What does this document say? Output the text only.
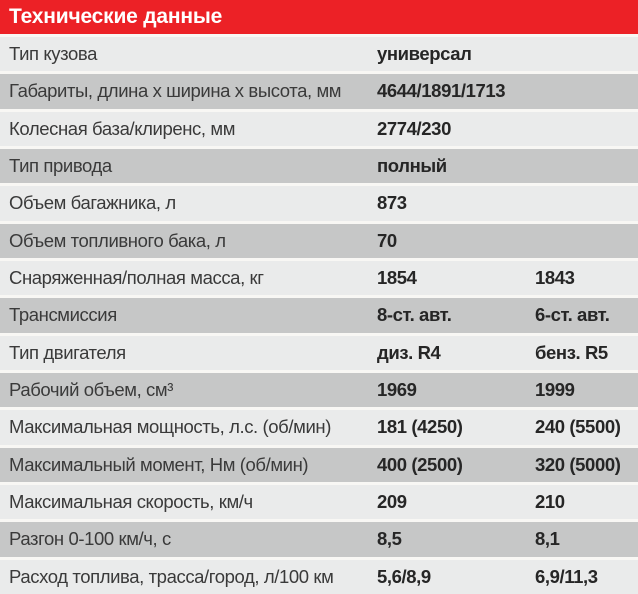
Технические данные
Тип кузова	универсал
Габариты, длина х ширина х высота, мм	4644/1891/1713
Колесная база/клиренс, мм	2774/230
Тип привода	полный
Объем багажника, л	873
Объем топливного бака, л	70
Снаряженная/полная масса, кг	1854	1843
Трансмиссия	8-ст. авт.	6-ст. авт.
Тип двигателя	диз. R4	бенз. R5
Рабочий объем, см³	1969	1999
Максимальная мощность, л.с. (об/мин)	181 (4250)	240 (5500)
Максимальный момент, Нм (об/мин)	400 (2500)	320 (5000)
Максимальная скорость, км/ч	209	210
Разгон 0-100 км/ч, с	8,5	8,1
Расход топлива, трасса/город, л/100 км	5,6/8,9	6,9/11,3
